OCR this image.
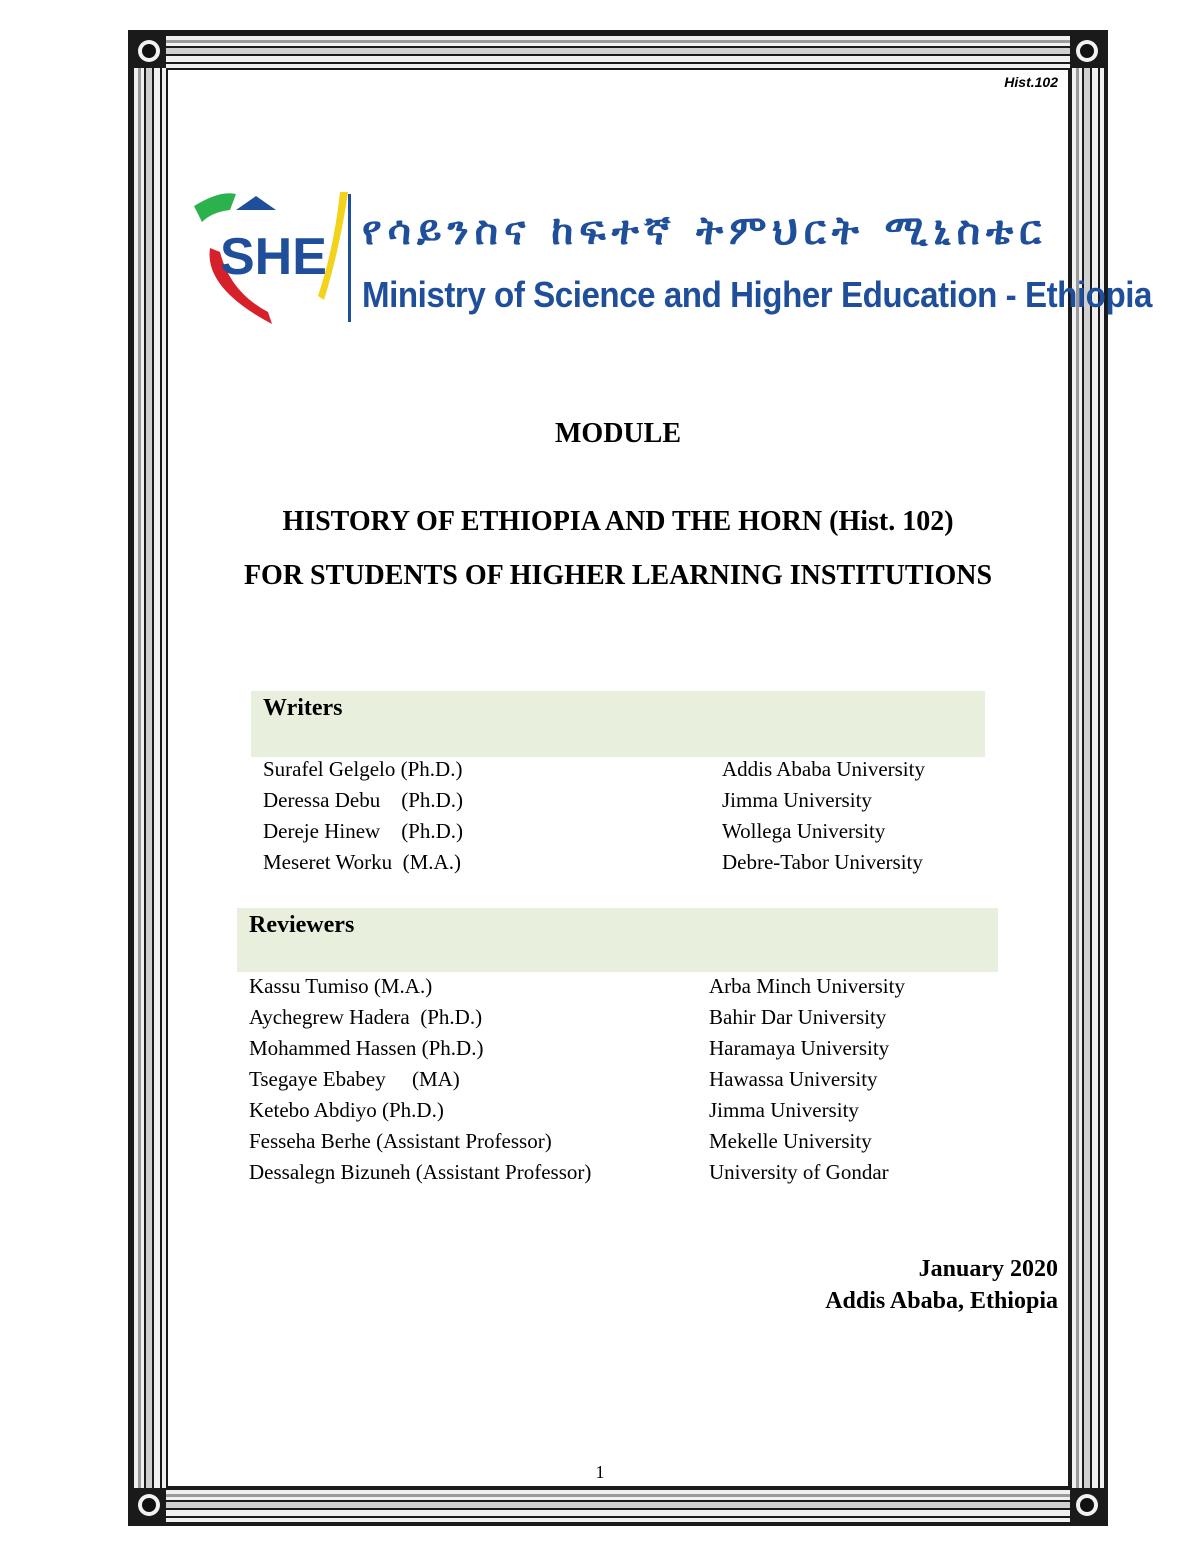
Hist.102
SHE የሳይንስና ከፍተኛ ትምህርት ሚኒስቴር
Ministry of Science and Higher Education - Ethiopia
MODULE
HISTORY OF ETHIOPIA AND THE HORN (Hist. 102)
FOR STUDENTS OF HIGHER LEARNING INSTITUTIONS
Writers
Surafel Gelgelo (Ph.D.)	Addis Ababa University
Deressa Debu    (Ph.D.)	Jimma University
Dereje Hinew    (Ph.D.)	Wollega University
Meseret Worku  (M.A.)	Debre-Tabor University
Reviewers
Kassu Tumiso (M.A.)	Arba Minch University
Aychegrew Hadera  (Ph.D.)	Bahir Dar University
Mohammed Hassen (Ph.D.)	Haramaya University
Tsegaye Ebabey     (MA)	Hawassa University
Ketebo Abdiyo (Ph.D.)	Jimma University
Fesseha Berhe (Assistant Professor)	Mekelle University
Dessalegn Bizuneh (Assistant Professor)	University of Gondar
January 2020
Addis Ababa, Ethiopia
1
